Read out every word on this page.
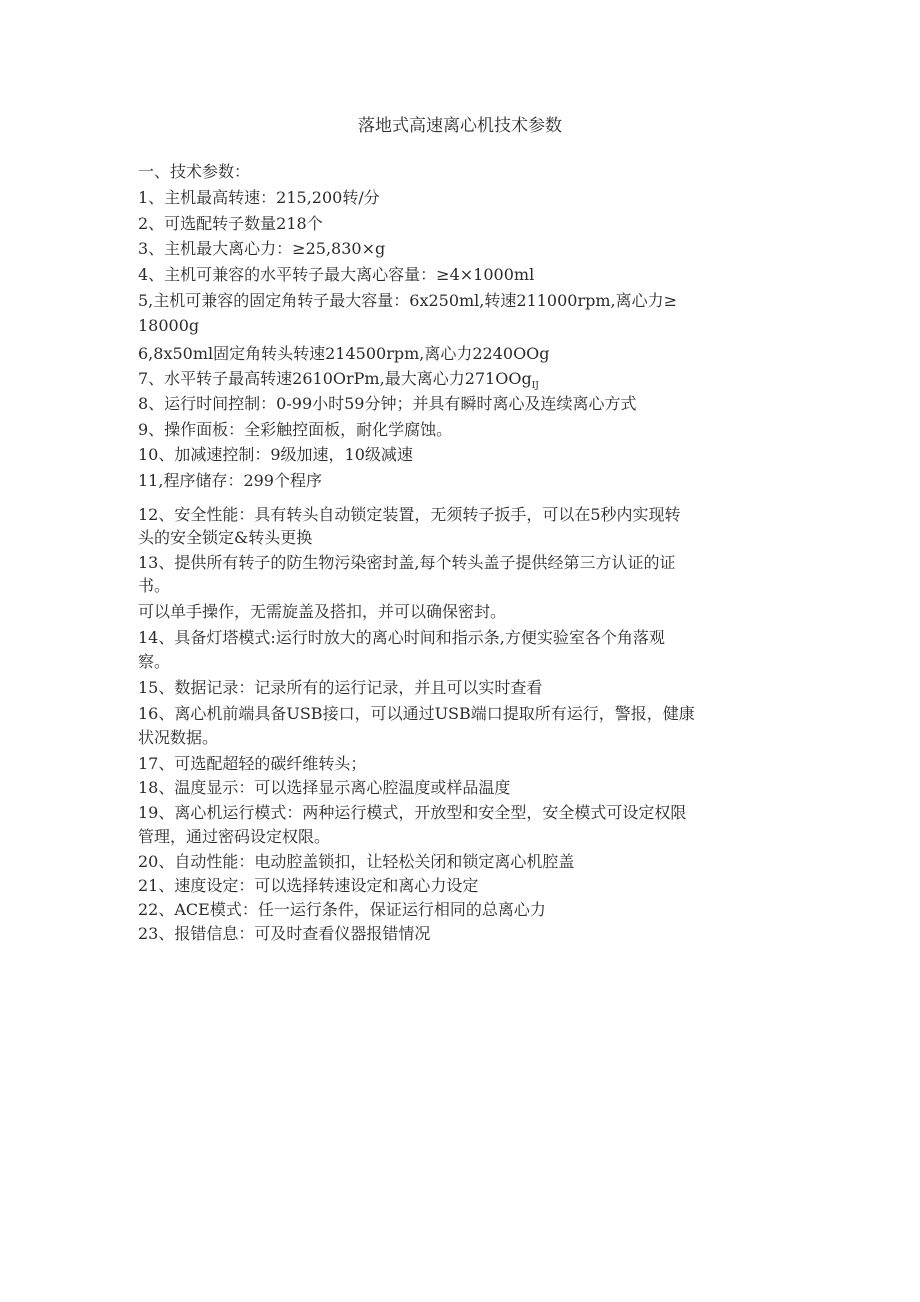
落地式高速离心机技术参数

一、技术参数：

1、主机最高转速：215,200转/分

2、可选配转子数量218个

3、主机最大离心力：≥25,830×g

4、主机可兼容的水平转子最大离心容量：≥4×1000ml

5,主机可兼容的固定角转子最大容量：6x250ml,转速211000rpm,离心力≥

18000g

6,8x50ml固定角转头转速214500rpm,离心力2240OOg

7、水平转子最高转速2610OrPm,最大离心力271OOg$_{IJ}$

8、运行时间控制：0-99小时59分钟；并具有瞬时离心及连续离心方式

9、操作面板：全彩触控面板，耐化学腐蚀。

10、加减速控制：9级加速，10级减速

11,程序储存：299个程序

12、安全性能：具有转头自动锁定装置，无须转子扳手，可以在5秒内实现转

头的安全锁定&转头更换

13、提供所有转子的防生物污染密封盖,每个转头盖子提供经第三方认证的证

书。

可以单手操作，无需旋盖及搭扣，并可以确保密封。

14、具备灯塔模式:运行时放大的离心时间和指示条,方便实验室各个角落观

察。

15、数据记录：记录所有的运行记录，并且可以实时查看

16、离心机前端具备USB接口，可以通过USB端口提取所有运行，警报，健康

状况数据。

17、可选配超轻的碳纤维转头；

18、温度显示：可以选择显示离心腔温度或样品温度

19、离心机运行模式：两种运行模式，开放型和安全型，安全模式可设定权限

管理，通过密码设定权限。

20、自动性能：电动腔盖锁扣，让轻松关闭和锁定离心机腔盖

21、速度设定：可以选择转速设定和离心力设定

22、ACE模式：任一运行条件，保证运行相同的总离心力

23、报错信息：可及时查看仪器报错情况
